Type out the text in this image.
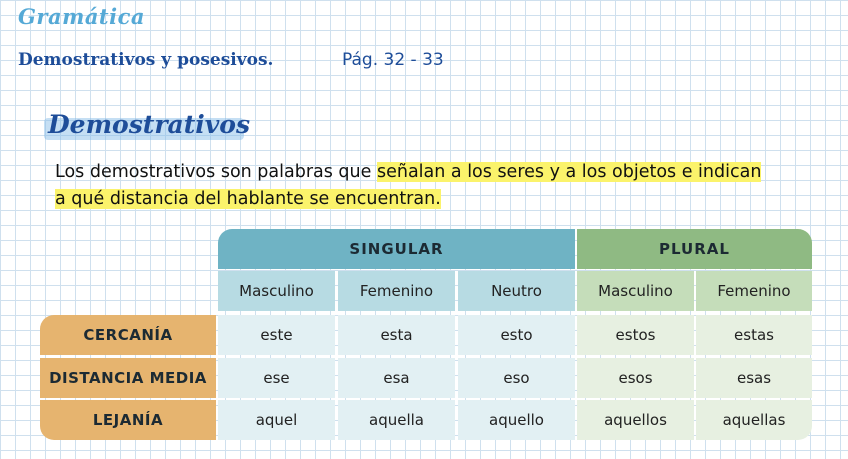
Gramática
Demostrativos y posesivos.	Pág. 32 - 33
Demostrativos
Los demostrativos son palabras que señalan a los seres y a los objetos e indican
a qué distancia del hablante se encuentran.
SINGULAR	PLURAL
Masculino	Femenino	Neutro	Masculino	Femenino
CERCANÍA	este	esta	esto	estos	estas
DISTANCIA MEDIA	ese	esa	eso	esos	esas
LEJANÍA	aquel	aquella	aquello	aquellos	aquellas
